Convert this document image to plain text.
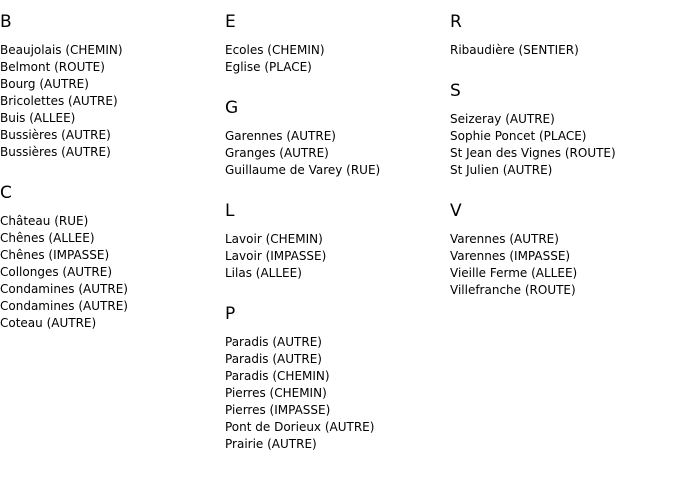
B
Beaujolais (CHEMIN)
Belmont (ROUTE)
Bourg (AUTRE)
Bricolettes (AUTRE)
Buis (ALLEE)
Bussières (AUTRE)
Bussières (AUTRE)
C
Château (RUE)
Chênes (ALLEE)
Chênes (IMPASSE)
Collonges (AUTRE)
Condamines (AUTRE)
Condamines (AUTRE)
Coteau (AUTRE)
E
Ecoles (CHEMIN)
Eglise (PLACE)
G
Garennes (AUTRE)
Granges (AUTRE)
Guillaume de Varey (RUE)
L
Lavoir (CHEMIN)
Lavoir (IMPASSE)
Lilas (ALLEE)
P
Paradis (AUTRE)
Paradis (AUTRE)
Paradis (CHEMIN)
Pierres (CHEMIN)
Pierres (IMPASSE)
Pont de Dorieux (AUTRE)
Prairie (AUTRE)
R
Ribaudière (SENTIER)
S
Seizeray (AUTRE)
Sophie Poncet (PLACE)
St Jean des Vignes (ROUTE)
St Julien (AUTRE)
V
Varennes (AUTRE)
Varennes (IMPASSE)
Vieille Ferme (ALLEE)
Villefranche (ROUTE)
